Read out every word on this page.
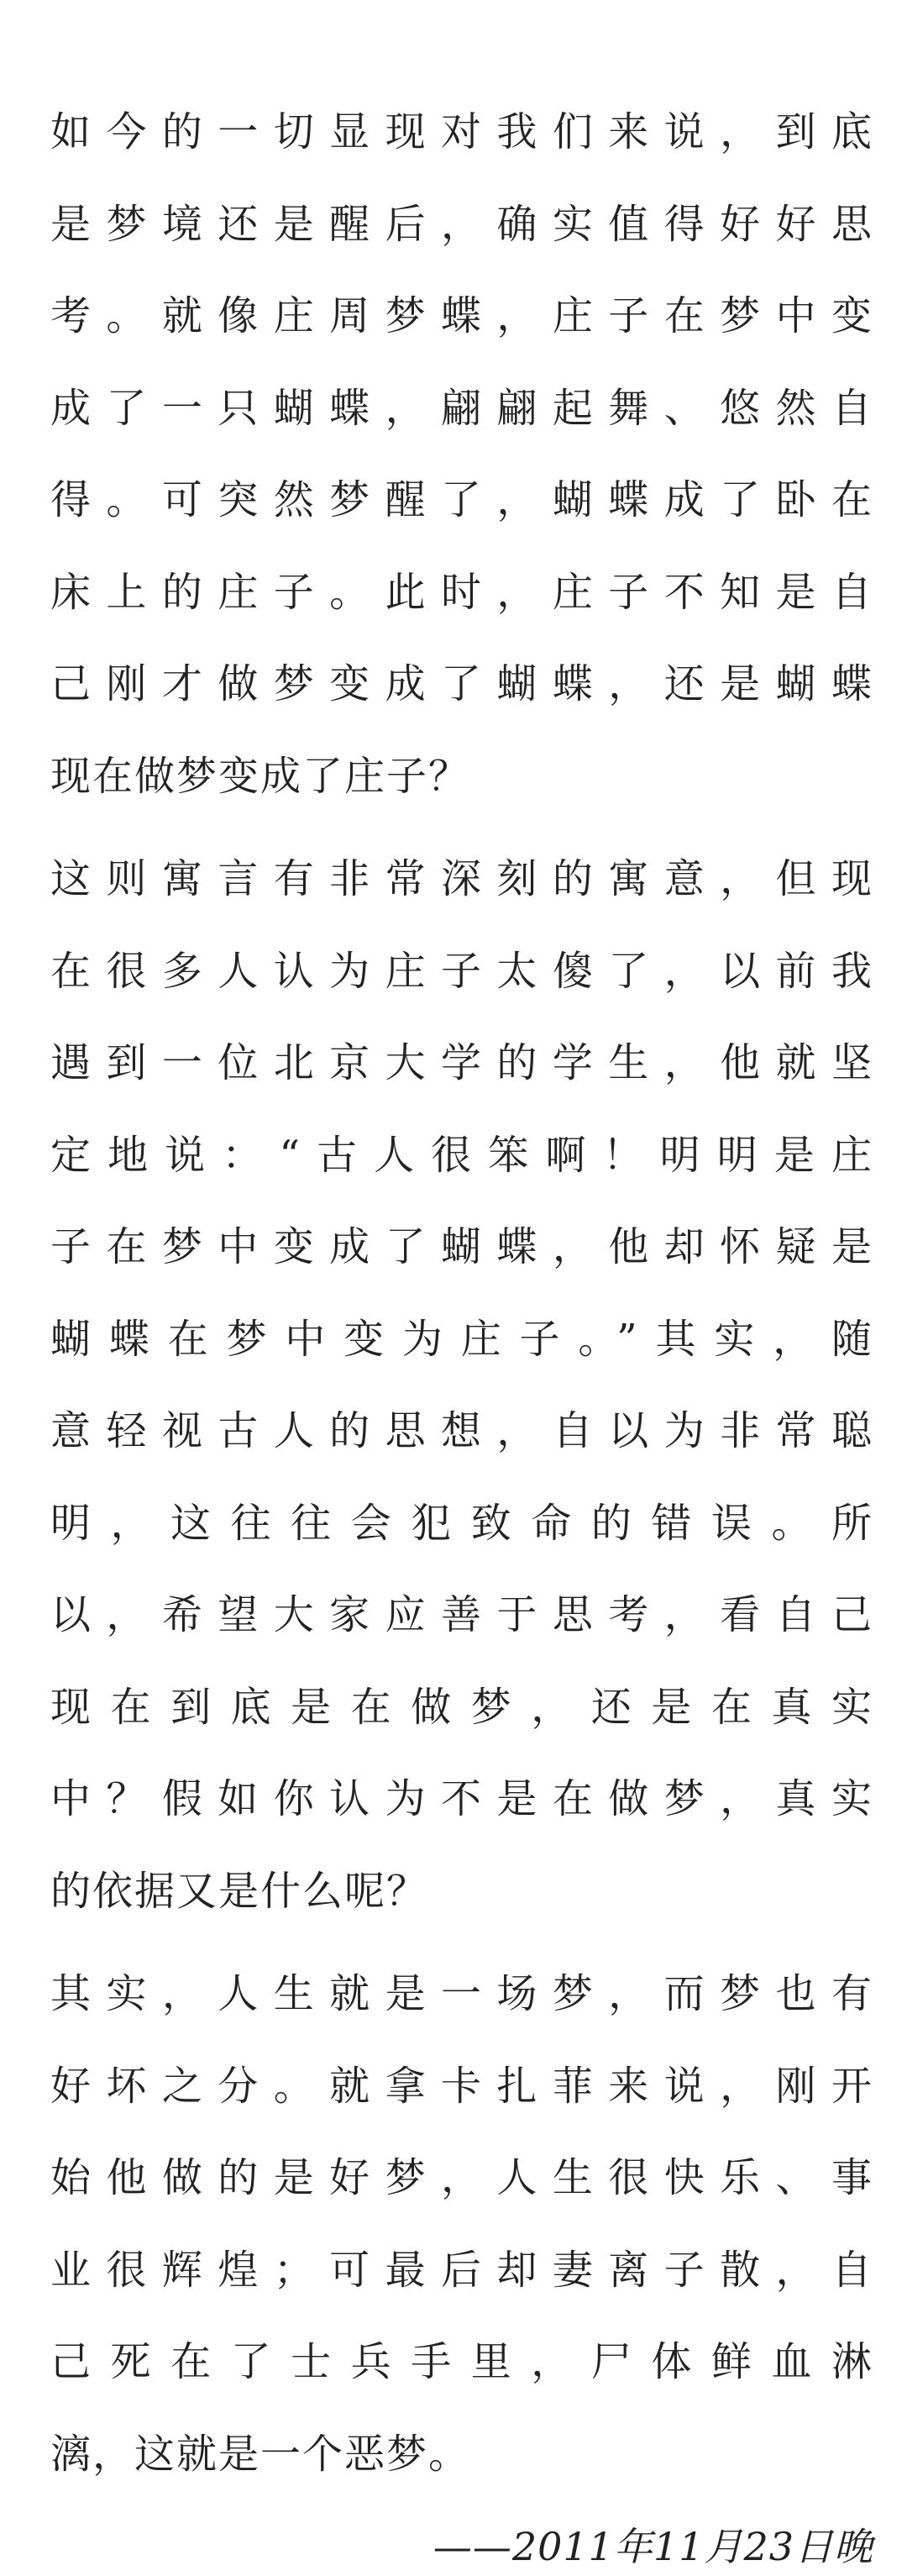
如今的一切显现对我们来说，到底
是梦境还是醒后，确实值得好好思
考。就像庄周梦蝶，庄子在梦中变
成了一只蝴蝶，翩翩起舞、悠然自
得。可突然梦醒了，蝴蝶成了卧在
床上的庄子。此时，庄子不知是自
己刚才做梦变成了蝴蝶，还是蝴蝶
现在做梦变成了庄子？

这则寓言有非常深刻的寓意，但现
在很多人认为庄子太傻了，以前我
遇到一位北京大学的学生，他就坚
定地说：“古人很笨啊！明明是庄
子在梦中变成了蝴蝶，他却怀疑是
蝴蝶在梦中变为庄子。”其实，随
意轻视古人的思想，自以为非常聪
明，这往往会犯致命的错误。所
以，希望大家应善于思考，看自己
现在到底是在做梦，还是在真实
中？假如你认为不是在做梦，真实
的依据又是什么呢？

其实，人生就是一场梦，而梦也有
好坏之分。就拿卡扎菲来说，刚开
始他做的是好梦，人生很快乐、事
业很辉煌；可最后却妻离子散，自
己死在了士兵手里，尸体鲜血淋
漓，这就是一个恶梦。

——2011年11月23日晚
